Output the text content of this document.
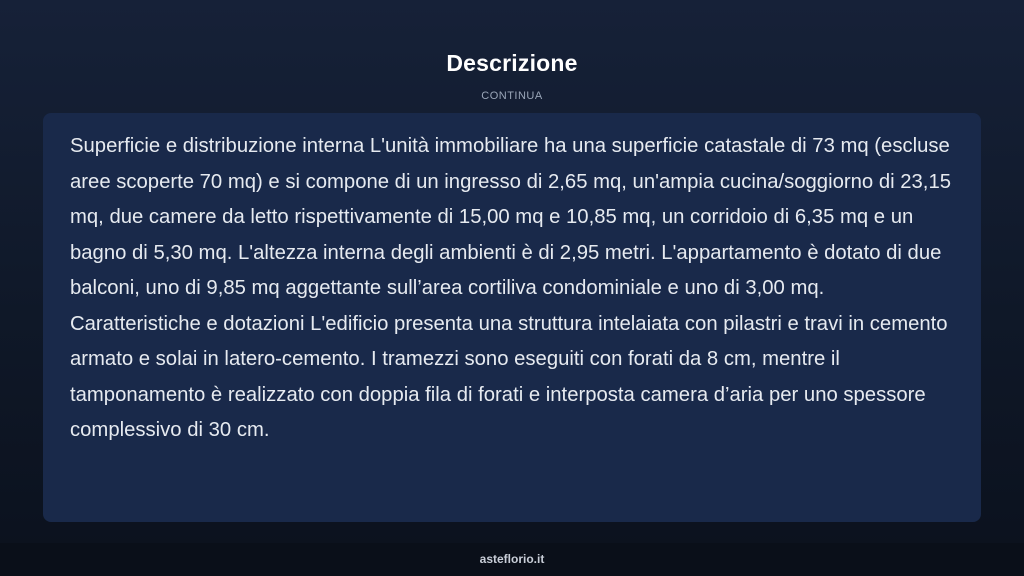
Descrizione
CONTINUA

Superficie e distribuzione interna L'unità immobiliare ha una superficie catastale di 73 mq (escluse aree scoperte 70 mq) e si compone di un ingresso di 2,65 mq, un'ampia cucina/soggiorno di 23,15 mq, due camere da letto rispettivamente di 15,00 mq e 10,85 mq, un corridoio di 6,35 mq e un bagno di 5,30 mq. L'altezza interna degli ambienti è di 2,95 metri. L'appartamento è dotato di due balconi, uno di 9,85 mq aggettante sull’area cortiliva condominiale e uno di 3,00 mq. Caratteristiche e dotazioni L'edificio presenta una struttura intelaiata con pilastri e travi in cemento armato e solai in latero-cemento. I tramezzi sono eseguiti con forati da 8 cm, mentre il tamponamento è realizzato con doppia fila di forati e interposta camera d’aria per uno spessore complessivo di 30 cm.

asteflorio.it
